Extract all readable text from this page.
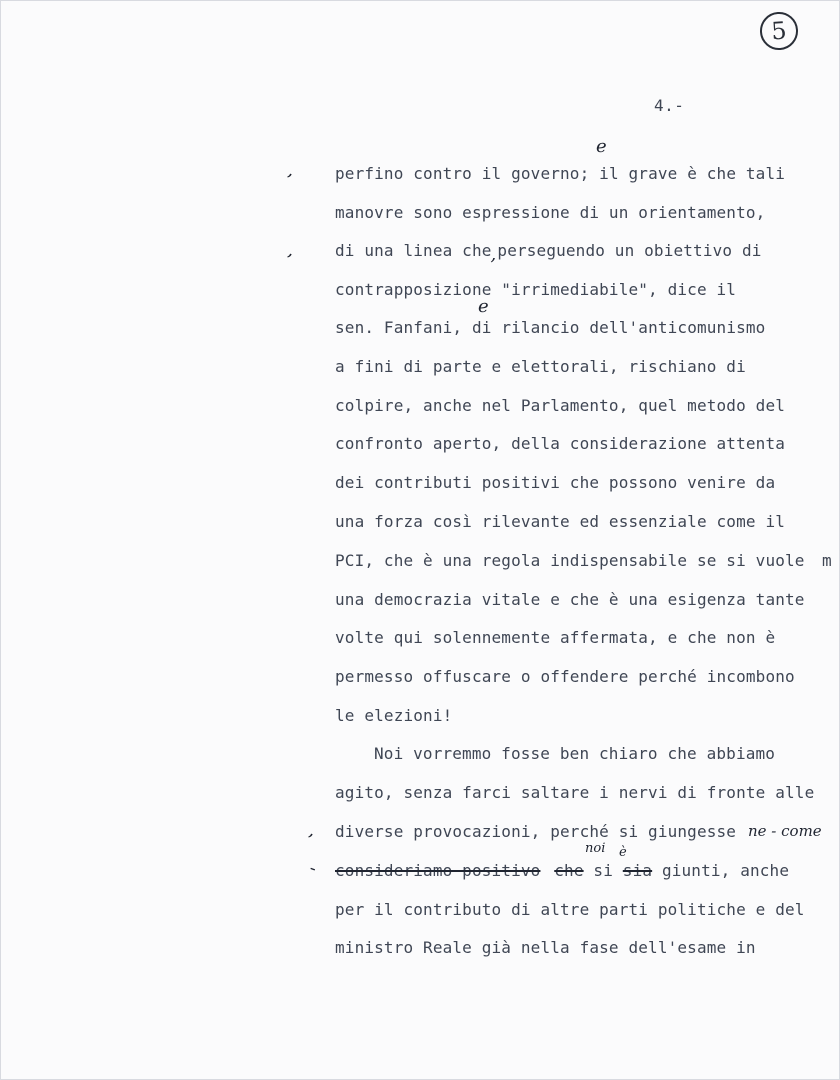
5
4.-
perfino contro il governo; il grave è che tali
e
manovre sono espressione di un orientamento,
di una linea che,perseguendo un obiettivo di
contrapposizione "irrimediabile", dice il
sen. Fanfani, di rilancio dell'anticomunismo
e
a fini di parte e elettorali, rischiano di
colpire, anche nel Parlamento, quel metodo del
confronto aperto, della considerazione attenta
dei contributi positivi che possono venire da
una forza così rilevante ed essenziale come il
PCI, che è una regola indispensabile se si vuole m
una democrazia vitale e che è una esigenza tante
volte qui solennemente affermata, e che non è
permesso offuscare o offendere perché incombono
le elezioni!
Noi vorremmo fosse ben chiaro che abbiamo
agito, senza farci saltare i nervi di fronte alle
diverse provocazioni, perché si giungesse ne - come
consideriamo positivo che si sia giunti, anche
noi è
per il contributo di altre parti politiche e del
ministro Reale già nella fase dell'esame in
,
,
,
-
